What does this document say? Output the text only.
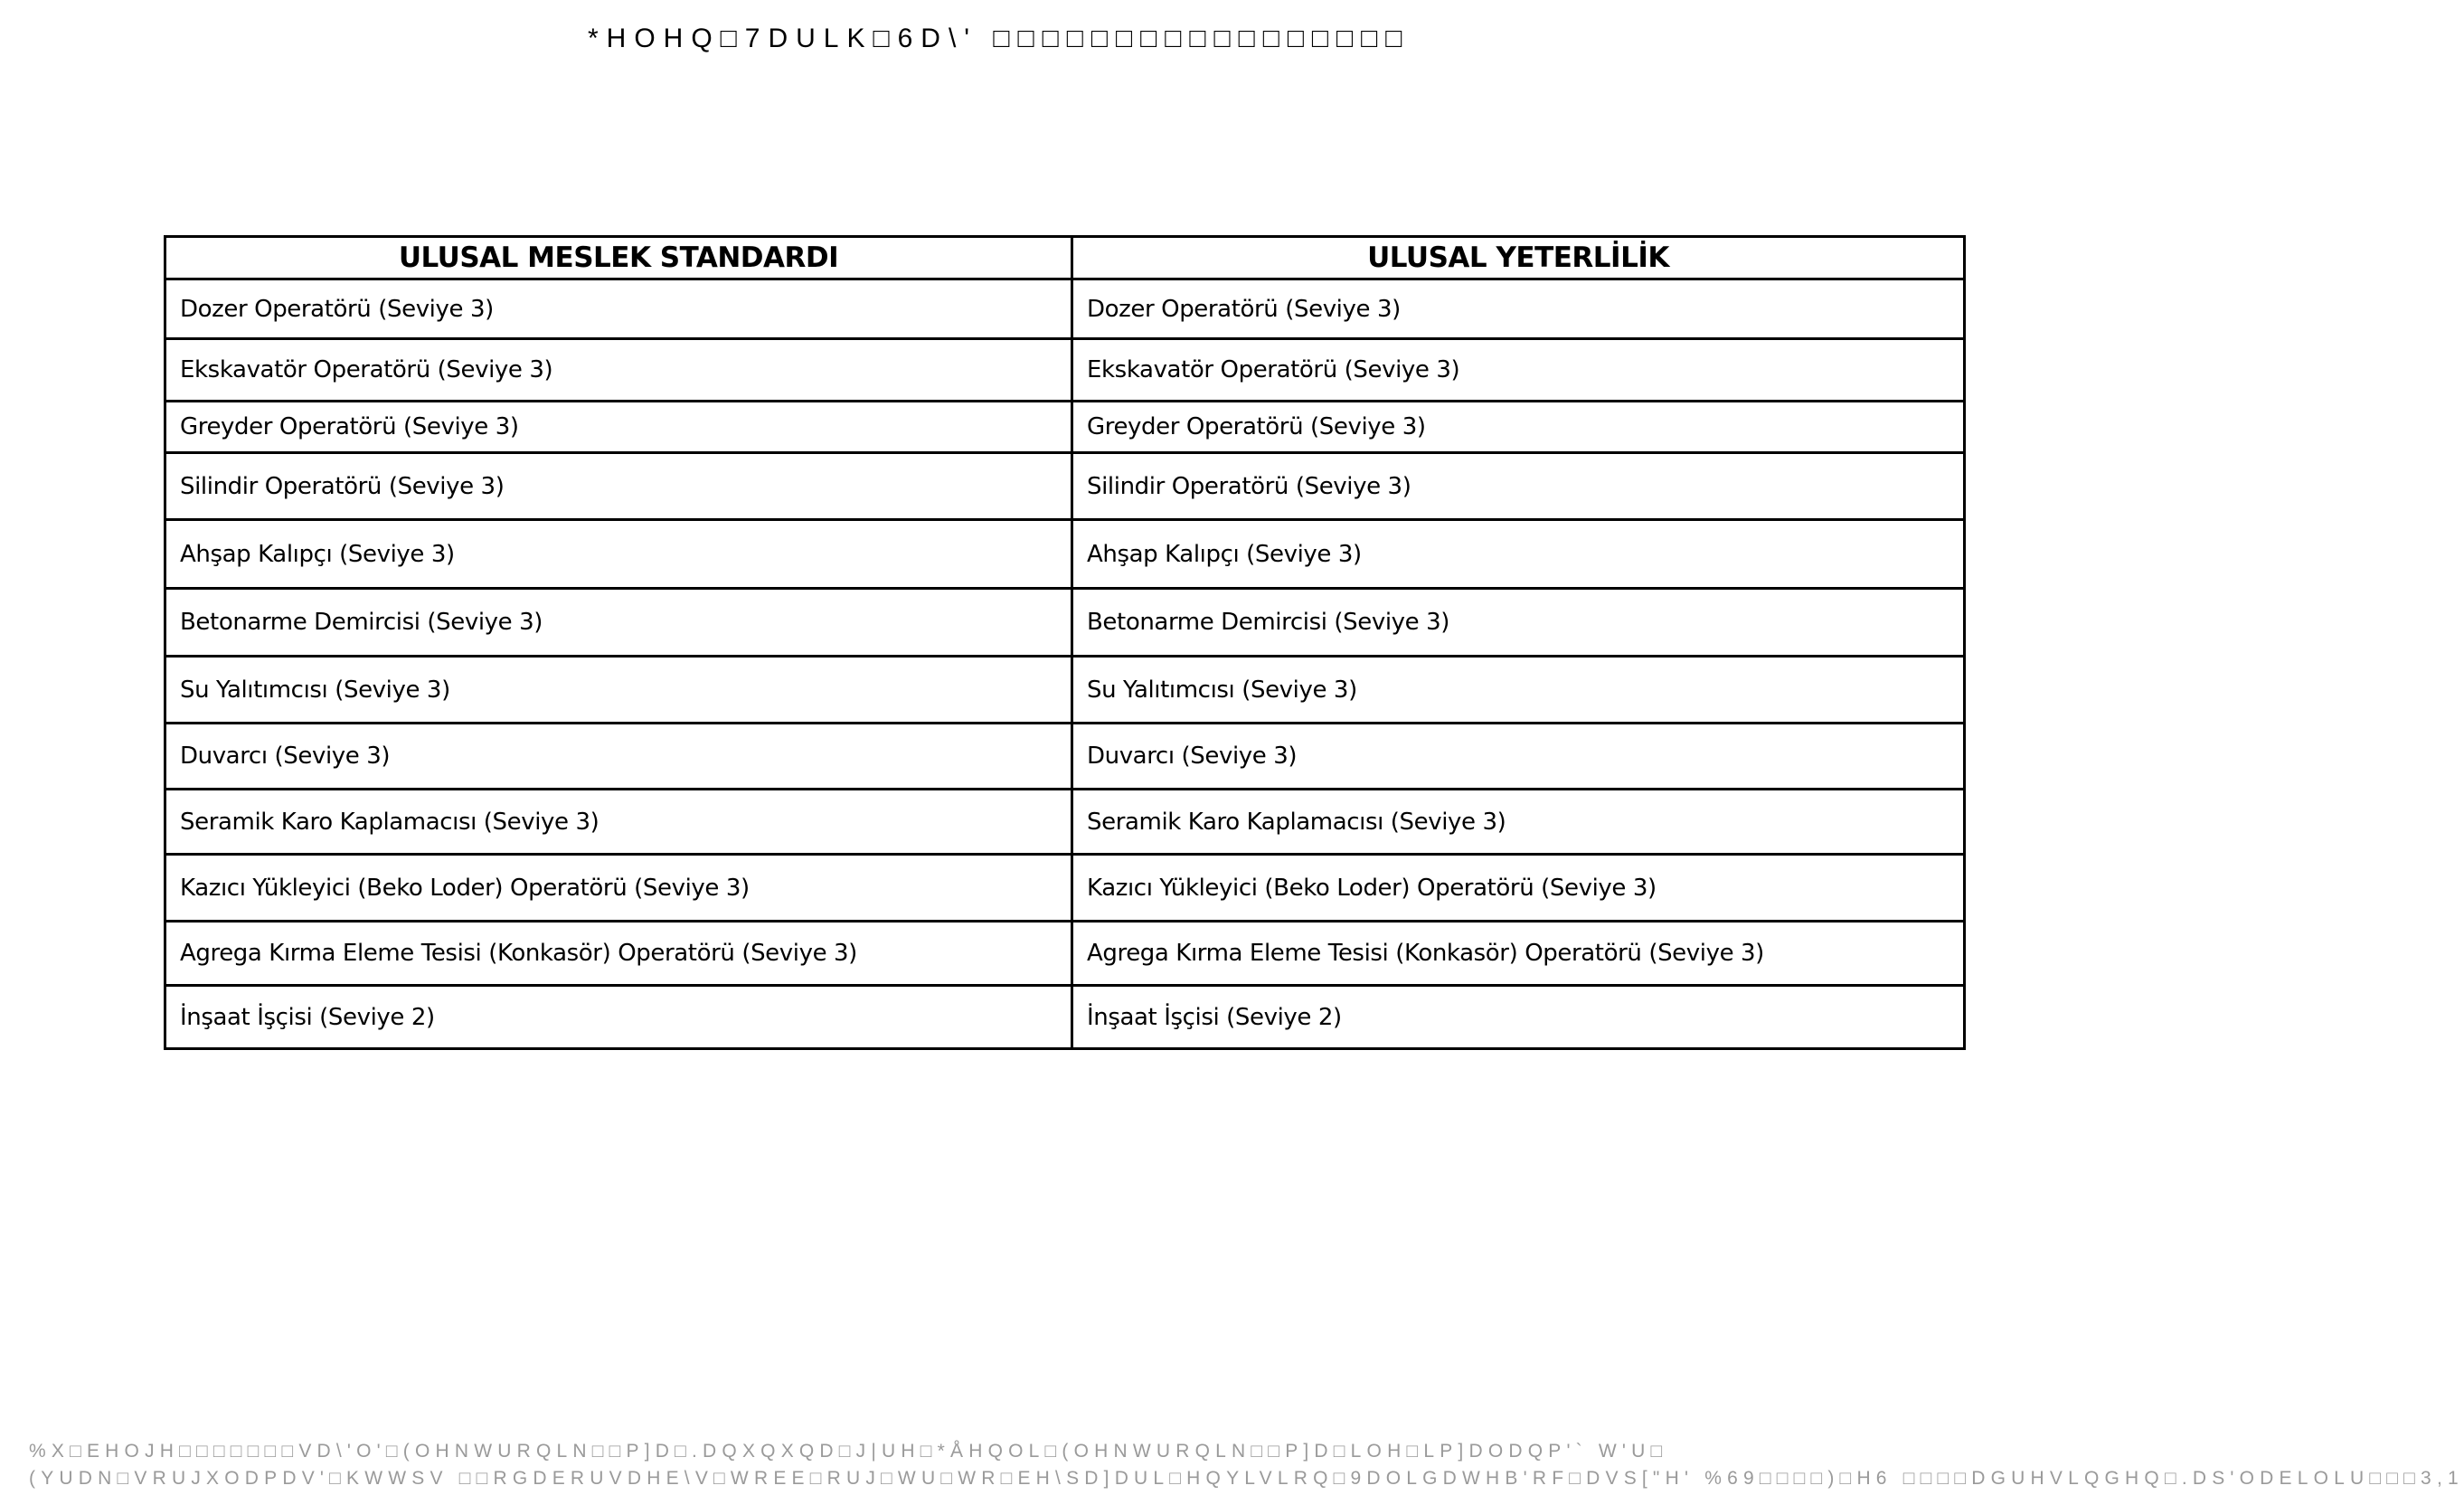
*HOHQ□7DULK□6D\' □□□□□□□□□□□□□□□□□
ULUSAL MESLEK STANDARDI	ULUSAL YETERLİLİK
Dozer Operatörü (Seviye 3)	Dozer Operatörü (Seviye 3)
Ekskavatör Operatörü (Seviye 3)	Ekskavatör Operatörü (Seviye 3)
Greyder Operatörü (Seviye 3)	Greyder Operatörü (Seviye 3)
Silindir Operatörü (Seviye 3)	Silindir Operatörü (Seviye 3)
Ahşap Kalıpçı (Seviye 3)	Ahşap Kalıpçı (Seviye 3)
Betonarme Demircisi (Seviye 3)	Betonarme Demircisi (Seviye 3)
Su Yalıtımcısı (Seviye 3)	Su Yalıtımcısı (Seviye 3)
Duvarcı (Seviye 3)	Duvarcı (Seviye 3)
Seramik Karo Kaplamacısı (Seviye 3)	Seramik Karo Kaplamacısı (Seviye 3)
Kazıcı Yükleyici (Beko Loder) Operatörü (Seviye 3)	Kazıcı Yükleyici (Beko Loder) Operatörü (Seviye 3)
Agrega Kırma Eleme Tesisi (Konkasör) Operatörü (Seviye 3)	Agrega Kırma Eleme Tesisi (Konkasör) Operatörü (Seviye 3)
İnşaat İşçisi (Seviye 2)	İnşaat İşçisi (Seviye 2)
%X□EHOJH□□□□□□□VD\'O'□(OHNWURQLN□□P]D□.DQXQXQD□J|UH□*ÅHQOL□(OHNWURQLN□□P]D□LOH□LP]DODQP'` W'U□
(YUDN□VRUJXODPDV'□KWWSV □□RGDERUVDHE\V□WREE□RUJ□WU□WR□EH\SD]DUL□HQYLVLRQ□9DOLGDWHB'RF□DVS["H' %69□□□□)□H6 □□□□DGUHVLQGHQ□.DS'ODELOLU□□□3,1
